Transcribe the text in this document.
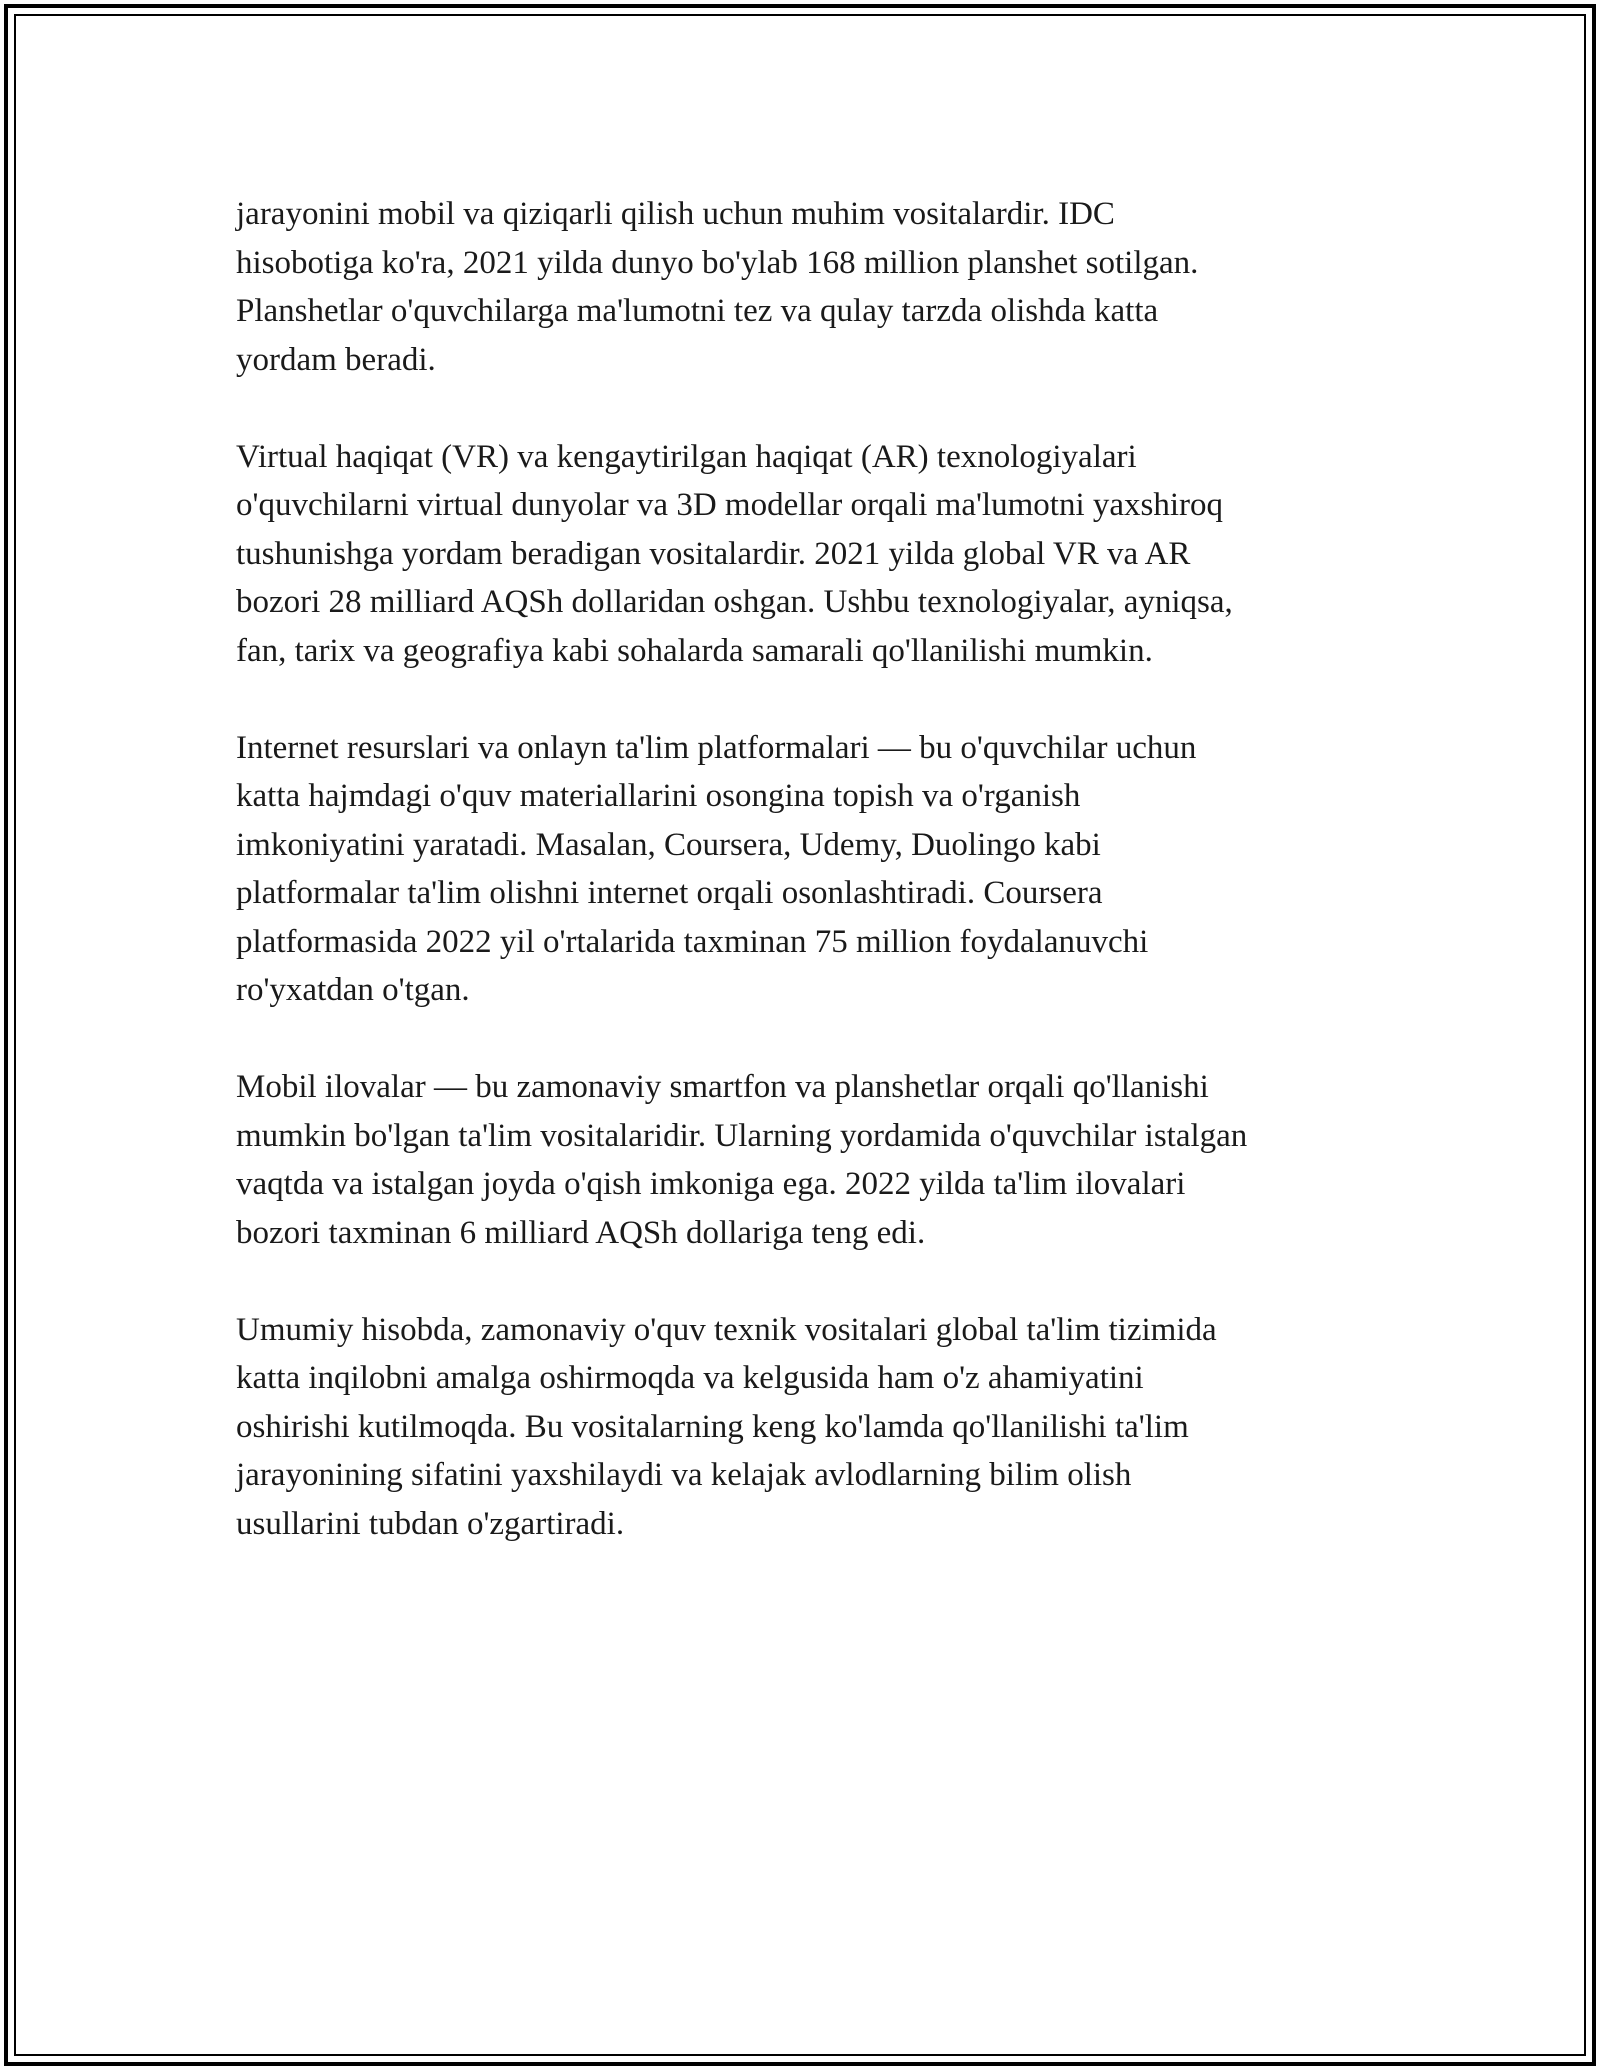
jarayonini mobil va qiziqarli qilish uchun muhim vositalardir. IDC
hisobotiga ko'ra, 2021 yilda dunyo bo'ylab 168 million planshet sotilgan.
Planshetlar o'quvchilarga ma'lumotni tez va qulay tarzda olishda katta
yordam beradi.

Virtual haqiqat (VR) va kengaytirilgan haqiqat (AR) texnologiyalari
o'quvchilarni virtual dunyolar va 3D modellar orqali ma'lumotni yaxshiroq
tushunishga yordam beradigan vositalardir. 2021 yilda global VR va AR
bozori 28 milliard AQSh dollaridan oshgan. Ushbu texnologiyalar, ayniqsa,
fan, tarix va geografiya kabi sohalarda samarali qo'llanilishi mumkin.

Internet resurslari va onlayn ta'lim platformalari — bu o'quvchilar uchun
katta hajmdagi o'quv materiallarini osongina topish va o'rganish
imkoniyatini yaratadi. Masalan, Coursera, Udemy, Duolingo kabi
platformalar ta'lim olishni internet orqali osonlashtiradi. Coursera
platformasida 2022 yil o'rtalarida taxminan 75 million foydalanuvchi
ro'yxatdan o'tgan.

Mobil ilovalar — bu zamonaviy smartfon va planshetlar orqali qo'llanishi
mumkin bo'lgan ta'lim vositalaridir. Ularning yordamida o'quvchilar istalgan
vaqtda va istalgan joyda o'qish imkoniga ega. 2022 yilda ta'lim ilovalari
bozori taxminan 6 milliard AQSh dollariga teng edi.

Umumiy hisobda, zamonaviy o'quv texnik vositalari global ta'lim tizimida
katta inqilobni amalga oshirmoqda va kelgusida ham o'z ahamiyatini
oshirishi kutilmoqda. Bu vositalarning keng ko'lamda qo'llanilishi ta'lim
jarayonining sifatini yaxshilaydi va kelajak avlodlarning bilim olish
usullarini tubdan o'zgartiradi.
